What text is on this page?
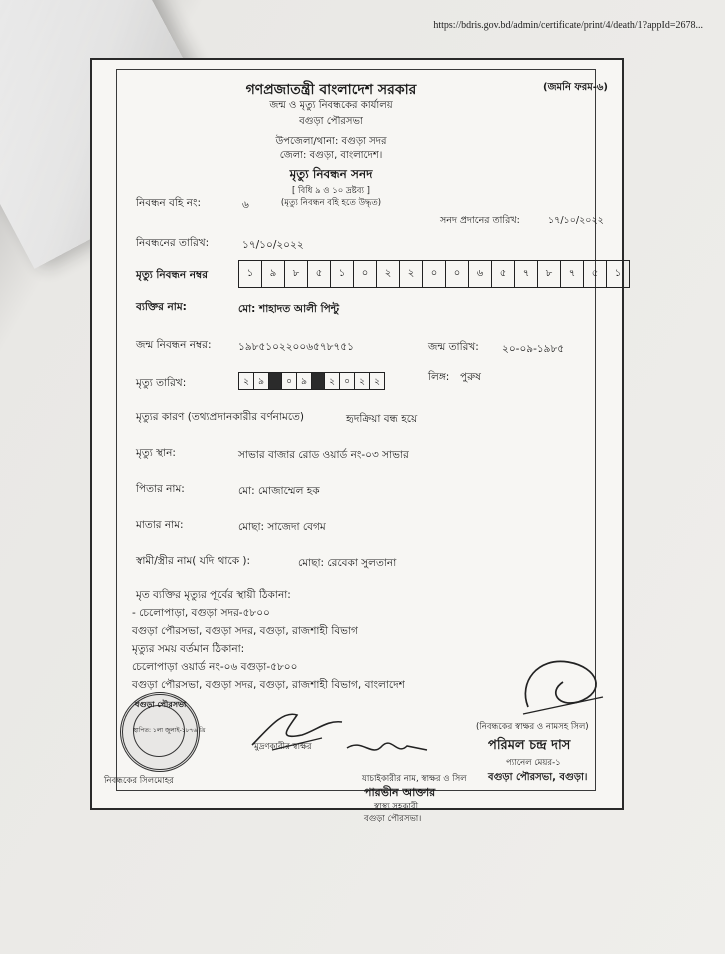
https://bdris.gov.bd/admin/certificate/print/4/death/1?appId=2678...
গণপ্রজাতন্ত্রী বাংলাদেশ সরকার	(জমনি ফরম-৬)
জন্ম ও মৃত্যু নিবন্ধকের কার্যালয়
বগুড়া পৌরসভা
উপজেলা/থানা: বগুড়া সদর
জেলা: বগুড়া, বাংলাদেশ।
মৃত্যু নিবন্ধন সনদ
[ বিধি ৯ ও ১০ দ্রষ্টব্য ]
(মৃত্যু নিবন্ধন বহি হতে উদ্ধৃত)
নিবন্ধন বহি নং:	৬
সনদ প্রদানের তারিখ:	১৭/১০/২০২২
নিবন্ধনের তারিখ:	১৭/১০/২০২২
মৃত্যু নিবন্ধন নম্বর	১	৯	৮	৫	১	০	২	২	০	০	৬	৫	৭	৮	৭	৫	১
ব্যক্তির নাম:	মো: শাহাদত আলী পিন্টু
জন্ম নিবন্ধন নম্বর:	১৯৮৫১০২২০০৬৫৭৮৭৫১	জন্ম তারিখ: ২০-০৯-১৯৮৫
মৃত্যু তারিখ:	২	৯	০	৯	২	০	২	২	লিঙ্গ: পুরুষ
মৃত্যুর কারণ (তথ্যপ্রদানকারীর বর্ণনামতে)	হৃদক্রিয়া বন্ধ হয়ে
মৃত্যু স্থান:	সাভার বাজার রোড ওয়ার্ড নং-০৩ সাভার
পিতার নাম:	মো: মোজাম্মেল হক
মাতার নাম:	মোছা: সাজেদা বেগম
স্বামী/স্ত্রীর নাম( যদি থাকে ):	মোছা: রেবেকা সুলতানা
মৃত ব্যক্তির মৃত্যুর পূর্বের স্থায়ী ঠিকানা:
- চেলোপাড়া, বগুড়া সদর-৫৮০০
বগুড়া পৌরসভা, বগুড়া সদর, বগুড়া, রাজশাহী বিভাগ
মৃত্যুর সময় বর্তমান ঠিকানা:
চেলোপাড়া ওয়ার্ড নং-০৬ বগুড়া-৫৮০০
বগুড়া পৌরসভা, বগুড়া সদর, বগুড়া, রাজশাহী বিভাগ, বাংলাদেশ
বগুড়া পৌরসভা
স্থাপিত: ১লা জুলাই-১৮৭৬ খ্রি
মুদ্রণকারীর স্বাক্ষর
নিবন্ধকের সিলমোহর	যাচাইকারীর নাম, স্বাক্ষর ও সিল
পারভীন আক্তার
স্বাস্থ্য সহকারী
বগুড়া পৌরসভা।
(নিবন্ধকের স্বাক্ষর ও নামসহ সিল)
পরিমল চন্দ্র দাস
প্যানেল মেয়র-১
বগুড়া পৌরসভা, বগুড়া।
